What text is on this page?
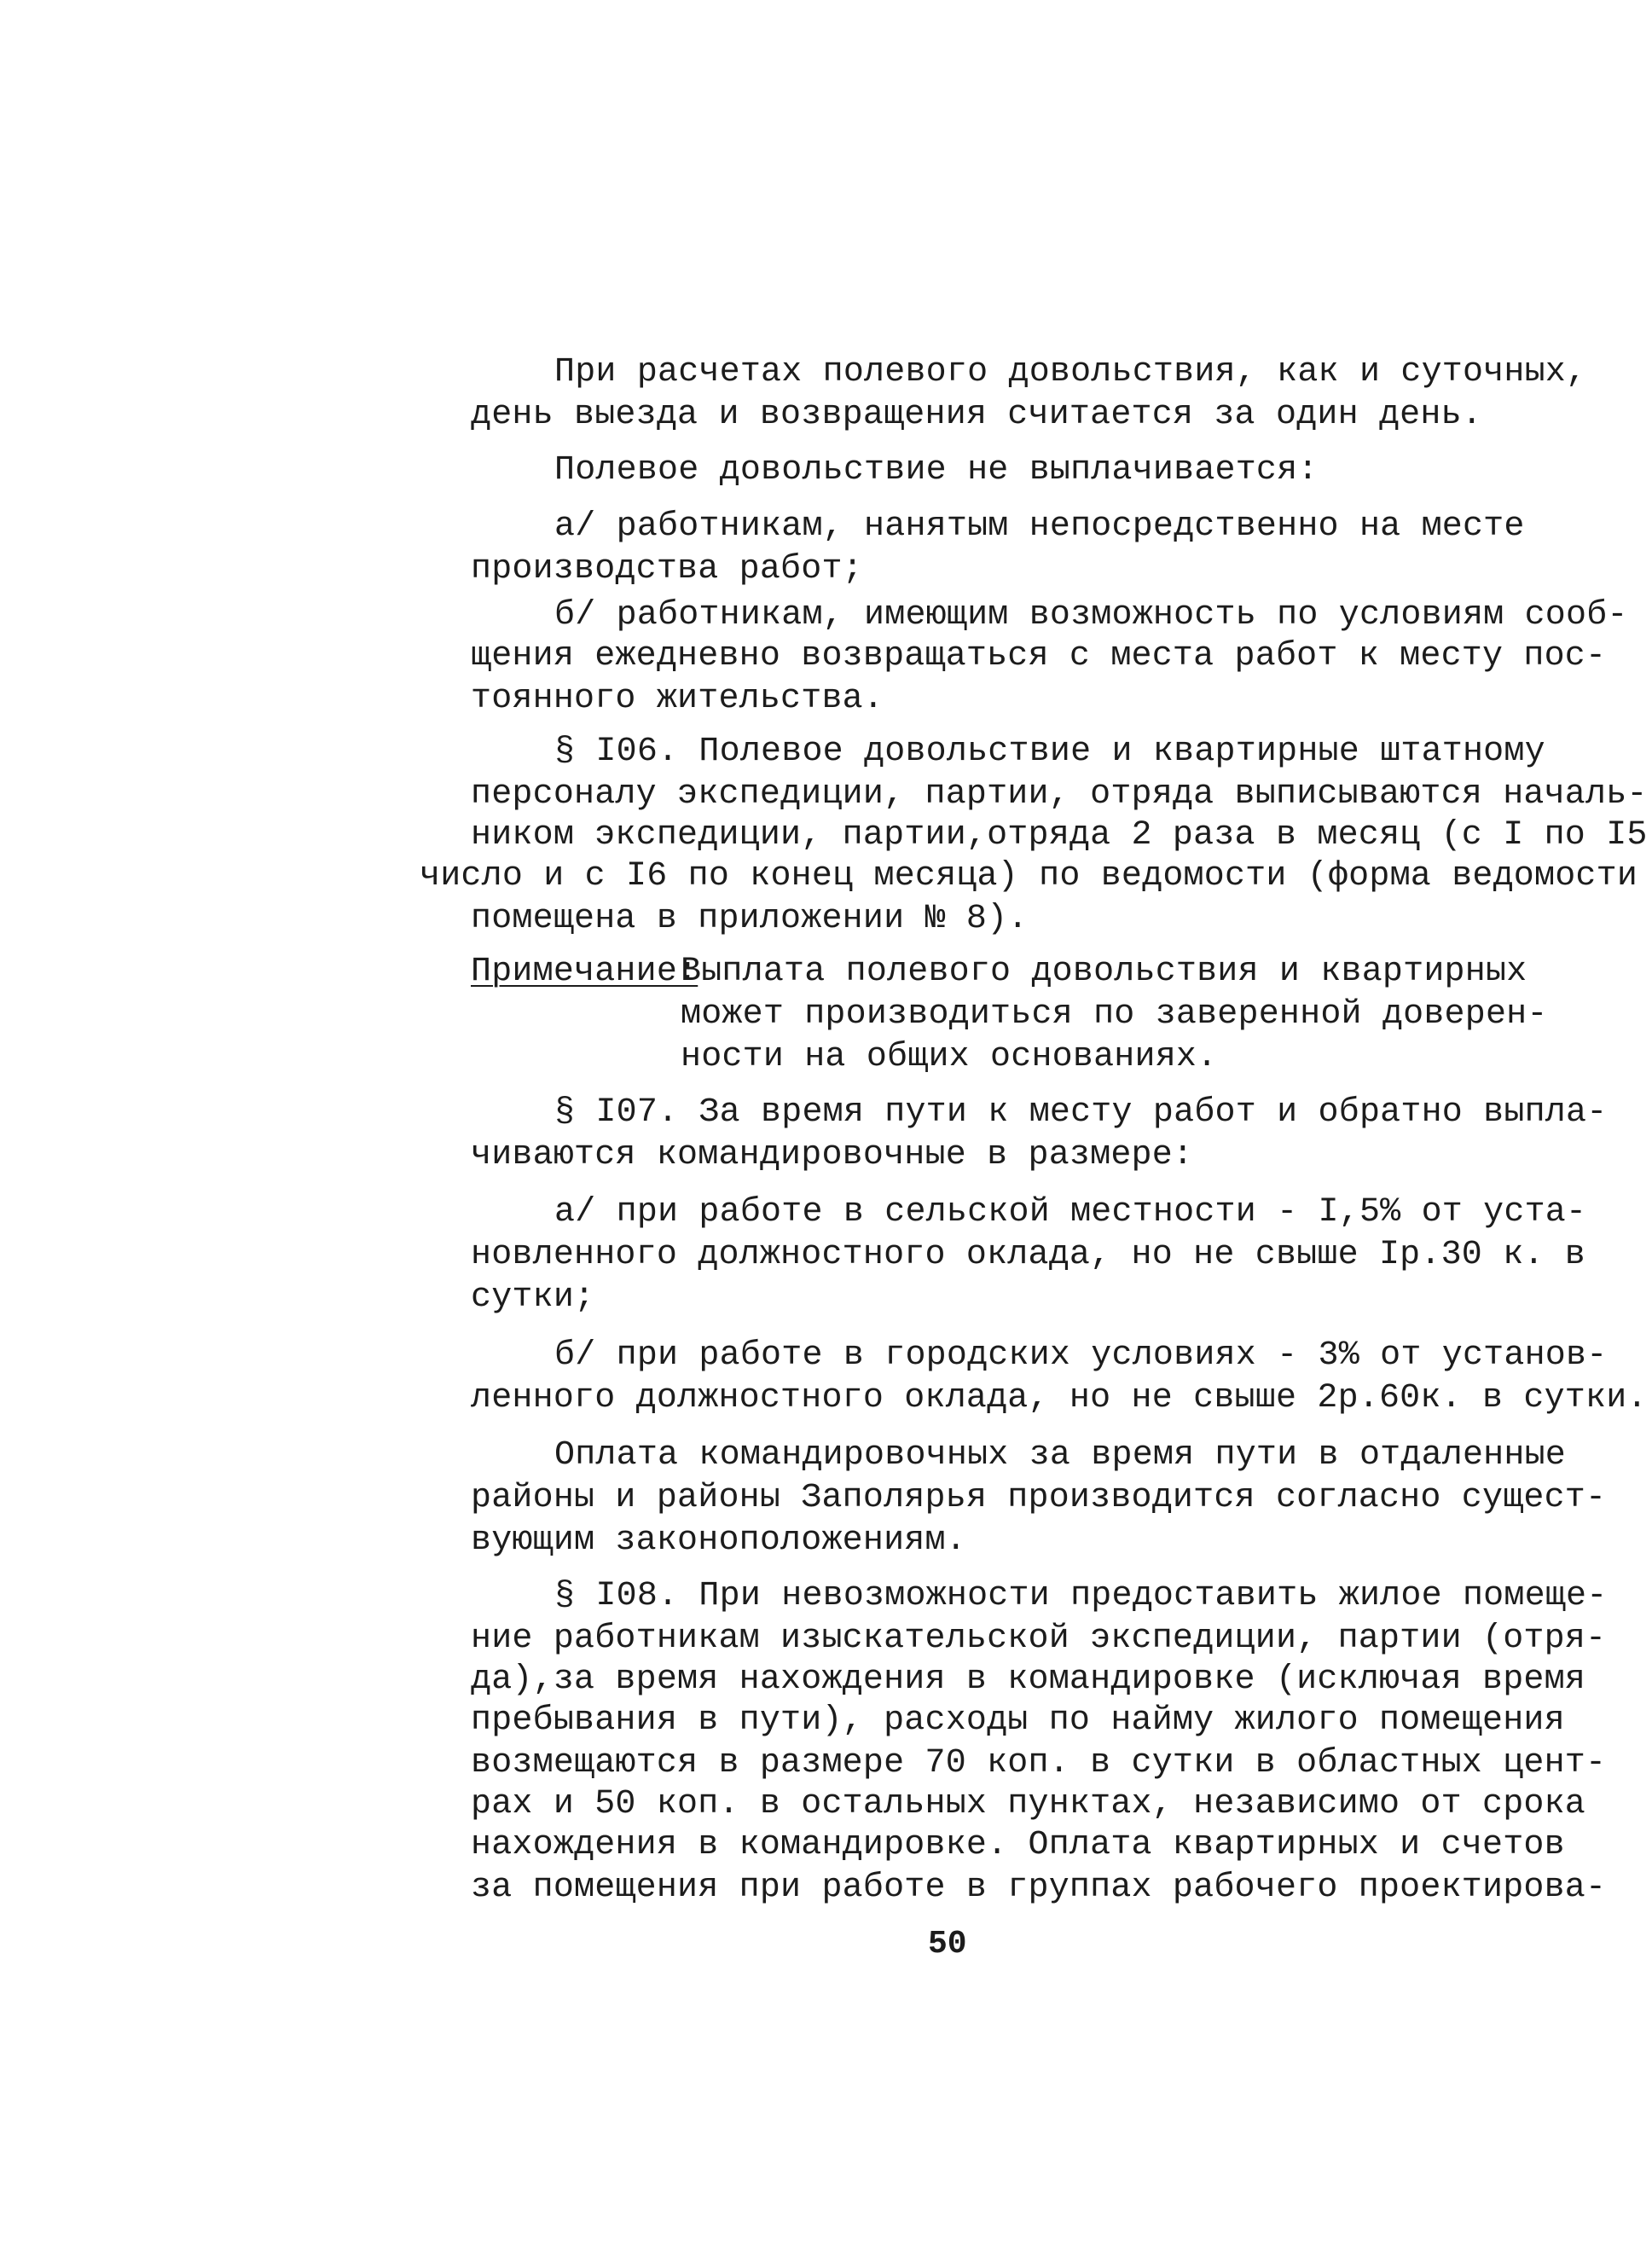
При расчетах полевого довольствия, как и суточных,

день выезда и возвращения считается за один день.

Полевое довольствие не выплачивается:

а/ работникам, нанятым непосредственно на месте

производства работ;

б/ работникам, имеющим возможность по условиям сооб-

щения ежедневно возвращаться с места работ к месту пос-

тоянного жительства.

§ I06. Полевое довольствие и квартирные штатному

персоналу экспедиции, партии, отряда выписываются началь-

ником экспедиции, партии,отряда 2 раза в месяц (с I по I5

число и с I6 по конец месяца) по ведомости (форма ведомости

помещена в приложении № 8).

Примечание:

Выплата полевого довольствия и квартирных

может производиться по заверенной доверен-

ности на общих основаниях.

§ I07. За время пути к месту работ и обратно выпла-

чиваются командировочные в размере:

а/ при работе в сельской местности - I,5% от уста-

новленного должностного оклада, но не свыше Iр.30 к. в

сутки;

б/ при работе в городских условиях - 3% от установ-

ленного должностного оклада, но не свыше 2р.60к. в сутки.

Оплата командировочных за время пути в отдаленные

районы и районы Заполярья производится согласно сущест-

вующим законоположениям.

§ I08. При невозможности предоставить жилое помеще-

ние работникам изыскательской экспедиции, партии (отря-

да),за время нахождения в командировке (исключая время

пребывания в пути), расходы по найму жилого помещения

возмещаются в размере 70 коп. в сутки в областных цент-

рах и 50 коп. в остальных пунктах, независимо от срока

нахождения в командировке. Оплата квартирных и счетов

за помещения при работе в группах рабочего проектирова-

50
